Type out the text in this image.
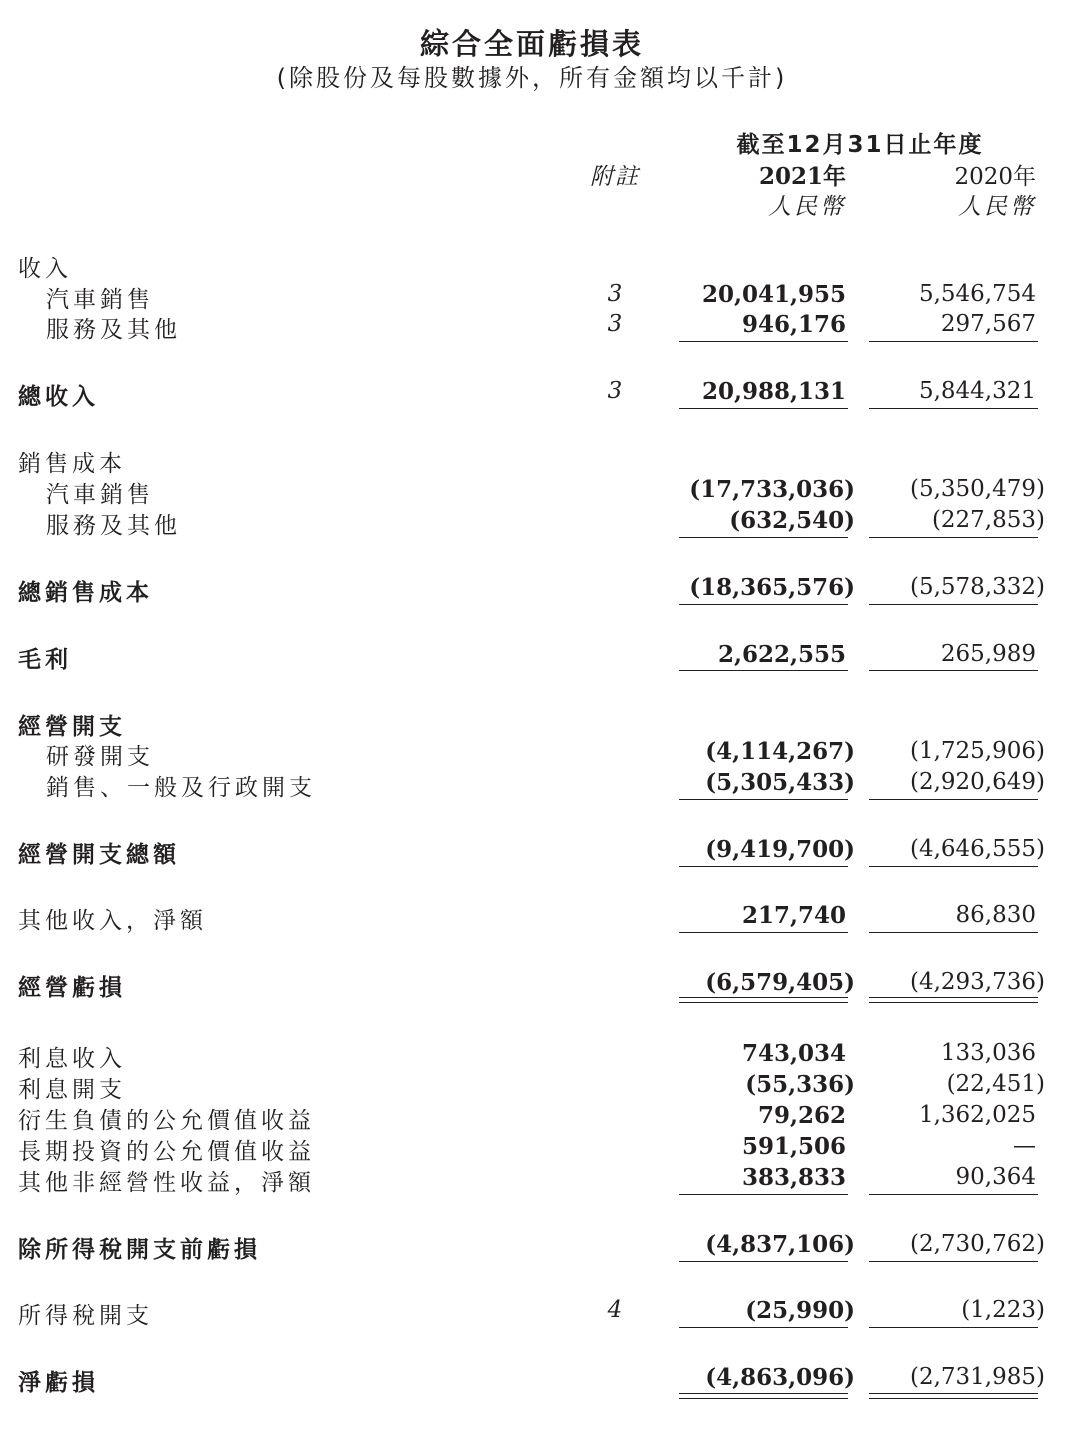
綜合全面虧損表
(除股份及每股數據外，所有金額均以千計)
截至12月31日止年度
附註	2021年	2020年
人民幣	人民幣
收入
汽車銷售	3	20,041,955	5,546,754
服務及其他	3	946,176	297,567
總收入	3	20,988,131	5,844,321
銷售成本
汽車銷售	(17,733,036) (5,350,479)
服務及其他	(632,540)	(227,853)
總銷售成本	(18,365,576) (5,578,332)
毛利	2,622,555	265,989
經營開支
研發開支	(4,114,267) (1,725,906)
銷售、一般及行政開支	(5,305,433) (2,920,649)
經營開支總額	(9,419,700) (4,646,555)
其他收入，淨額	217,740	86,830
經營虧損	(6,579,405) (4,293,736)
利息收入	743,034	133,036
利息開支	(55,336)	(22,451)
衍生負債的公允價值收益	79,262	1,362,025
長期投資的公允價值收益	591,506	—
其他非經營性收益，淨額	383,833	90,364
除所得稅開支前虧損	(4,837,106) (2,730,762)
所得稅開支	4	(25,990)	(1,223)
淨虧損	(4,863,096) (2,731,985)
